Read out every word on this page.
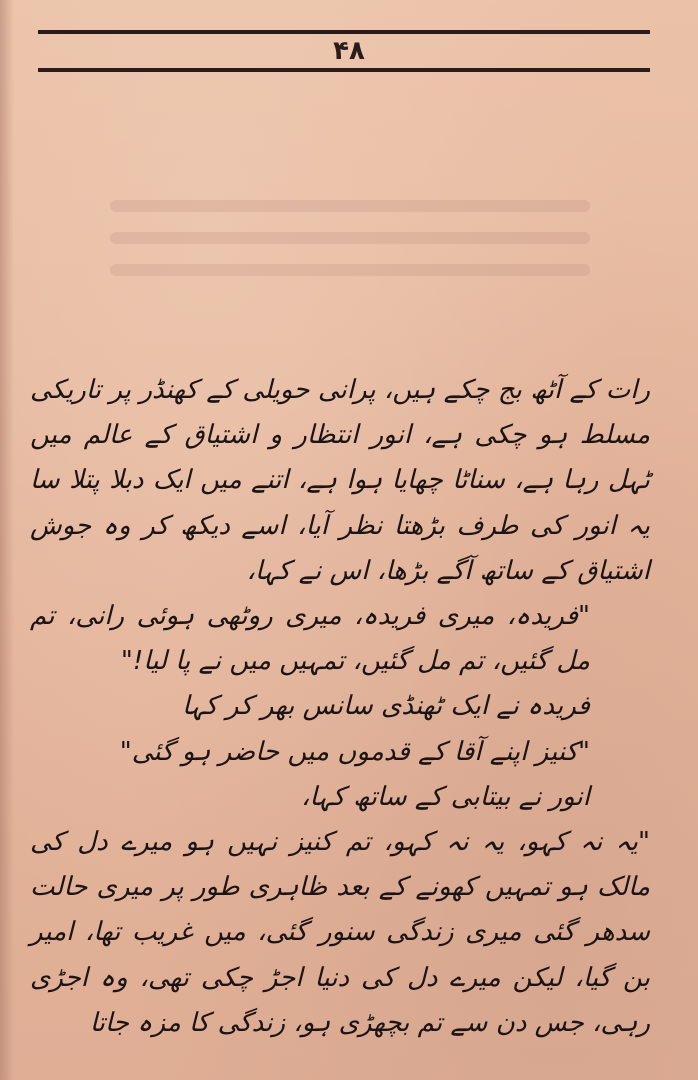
۴۸

رات کے آٹھ بج چکے ہیں، پرانی حویلی کے کھنڈر پر تاریکی مسلط ہو چکی ہے، انور انتظار و اشتیاق کے عالم میں ٹہل رہا ہے، سناٹا چھایا ہوا ہے، اتنے میں ایک دبلا پتلا سا یہ انور کی طرف بڑھتا نظر آیا، اسے دیکھ کر وہ جوش اشتیاق کے ساتھ آگے بڑھا، اس نے کہا،

"فریدہ، میری فریدہ، میری روٹھی ہوئی رانی، تم مل گئیں، تم مل گئیں، تمہیں میں نے پا لیا!"

فریدہ نے ایک ٹھنڈی سانس بھر کر کہا

"کنیز اپنے آقا کے قدموں میں حاضر ہو گئی"

انور نے بیتابی کے ساتھ کہا،

"یہ نہ کہو، یہ نہ کہو، تم کنیز نہیں ہو میرے دل کی مالک ہو تمہیں کھونے کے بعد ظاہری طور پر میری حالت سدھر گئی میری زندگی سنور گئی، میں غریب تھا، امیر بن گیا، لیکن میرے دل کی دنیا اجڑ چکی تھی، وہ اجڑی رہی، جس دن سے تم بچھڑی ہو، زندگی کا مزہ جاتا
